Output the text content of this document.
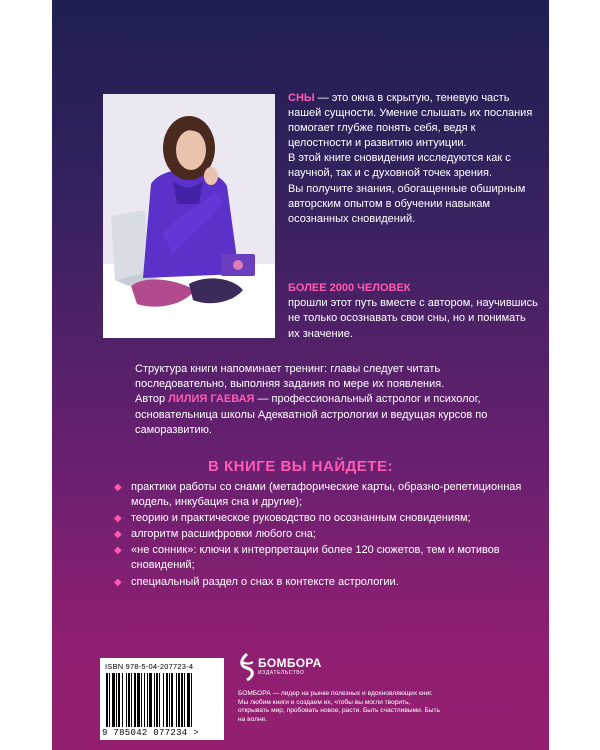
СНЫ — это окна в скрытую, теневую часть нашей сущности. Умение слышать их послания помогает глубже понять себя, ведя к целостности и развитию интуиции.

В этой книге сновидения исследуются как с научной, так и с духовной точек зрения.

Вы получите знания, обогащенные обширным авторским опытом в обучении навыкам осознанных сновидений.

БОЛЕЕ 2000 ЧЕЛОВЕК

прошли этот путь вместе с автором, научившись не только осознавать свои сны, но и понимать их значение.

Структура книги напоминает тренинг: главы следует читать последовательно, выполняя задания по мере их появления.

Автор ЛИЛИЯ ГАЕВАЯ — профессиональный астролог и психолог, основательница школы Адекватной астрологии и ведущая курсов по саморазвитию.

В КНИГЕ ВЫ НАЙДЕТЕ:
◆ практики работы со снами (метафорические карты, образно-репетиционная модель, инкубация сна и другие);
◆ теорию и практическое руководство по осознанным сновидениям;
◆ алгоритм расшифровки любого сна;
◆ «не сонник»: ключи к интерпретации более 120 сюжетов, тем и мотивов сновидений;
◆ специальный раздел о снах в контексте астрологии.
ISBN 978-5-04-207723-4
9 785042 077234 >
БОМБОРА
ИЗДАТЕЛЬСТВО

БОМБОРА — лидер на рынке полезных и вдохновляющих книг. Мы любим книги и создаем их, чтобы вы могли творить, открывать мир, пробовать новое, расти. Быть счастливыми. Быть на волне.
